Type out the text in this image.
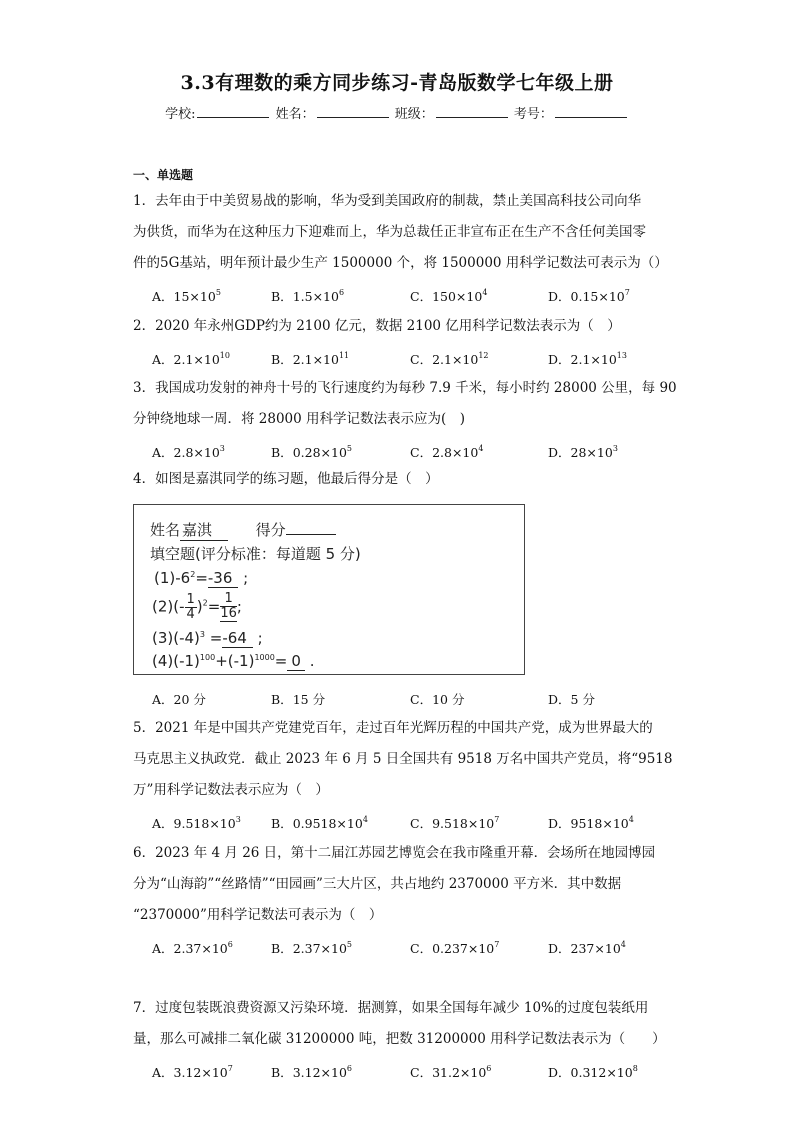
3.3有理数的乘方同步练习-青岛版数学七年级上册
学校:	姓名：	班级：	考号：
一、单选题
1．去年由于中美贸易战的影响，华为受到美国政府的制裁，禁止美国高科技公司向华
为供货，而华为在这种压力下迎难而上，华为总裁任正非宣布正在生产不含任何美国零
件的5G基站，明年预计最少生产 1500000 个，将 1500000 用科学记数法可表示为（）
A．$15\times 10^5$	B．$1.5\times 10^6$	C．$150\times 10^4$	D．$0.15\times 10^7$
2．2020 年永州GDP约为 2100 亿元，数据 2100 亿用科学记数法表示为（　）
A．$2.1\times 10^{10}$	B．$2.1\times 10^{11}$	C．$2.1\times 10^{12}$	D．$2.1\times 10^{13}$
3．我国成功发射的神舟十号的飞行速度约为每秒 7.9 千米，每小时约 28000 公里，每 90
分钟绕地球一周．将 28000 用科学记数法表示应为(　)
A．$2.8\times 10^3$	B．$0.28\times 10^5$	C．$2.8\times 10^4$	D．$28\times 10^3$
4．如图是嘉淇同学的练习题，他最后得分是（　）
A．20 分	B．15 分	C．10 分	D．5 分
5．2021 年是中国共产党建党百年，走过百年光辉历程的中国共产党，成为世界最大的
马克思主义执政党．截止 2023 年 6 月 5 日全国共有 9518 万名中国共产党员，将“9518
万”用科学记数法表示应为（　）
A．$9.518\times 10^3$ B．$0.9518\times 10^4$	C．$9.518\times 10^7$	D．$9518\times 10^4$
6．2023 年 4 月 26 日，第十二届江苏园艺博览会在我市隆重开幕．会场所在地园博园
分为“山海韵”“丝路情”“田园画”三大片区，共占地约 2370000 平方米．其中数据
“2370000”用科学记数法可表示为（　）
A．$2.37\times 10^6$	B．$2.37\times 10^5$	C．$0.237\times 10^7$	D．$237\times 10^4$
7．过度包装既浪费资源又污染环境．据测算，如果全国每年减少 10%的过度包装纸用
量，那么可减排二氧化碳 31200000 吨，把数 31200000 用科学记数法表示为（　　）
A．$3.12\times 10^7$	B．$3.12\times 10^6$	C．$31.2\times 10^6$	D．$0.312\times 10^8$
姓名 嘉淇	得分
填空题(评分标准：每道题 5 分)
$(1)-6^2=-36$ ;
$(2)(- \frac{1}{4} )^2= \frac{1}{16}$ ;
$(3)(-4)^3 =-64$ ;
$(4)(-1)^{100}+(-1)^{1000}= 0$ .
